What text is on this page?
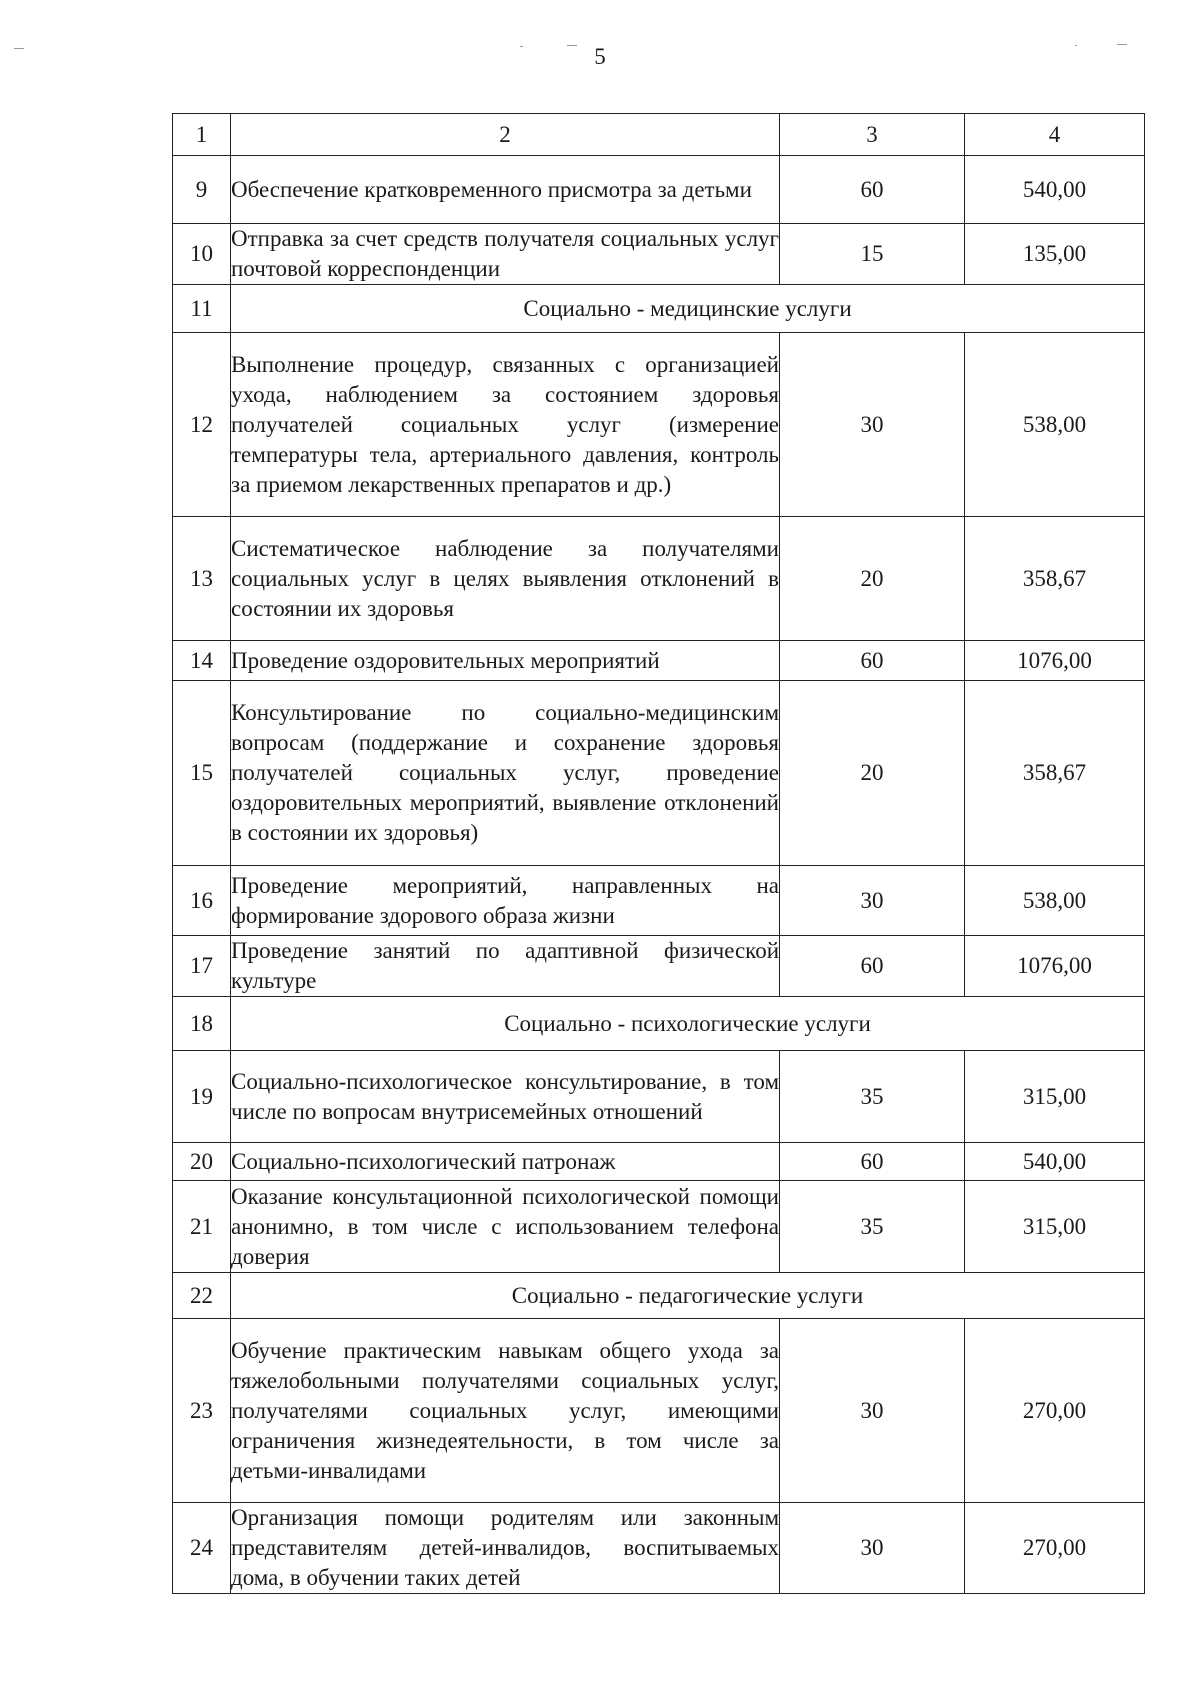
5
1	2	3	4
9	Обеспечение кратковременного присмотра за детьми	60	540,00
10	Отправка за счет средств получателя социальных услуг почтовой корреспонденции	15	135,00
11	Социально - медицинские услуги		
12	Выполнение процедур, связанных с организацией ухода, наблюдением за состоянием здоровья получателей социальных услуг (измерение температуры тела, артериального давления, контроль за приемом лекарственных препаратов и др.)	30	538,00
13	Систематическое наблюдение за получателями социальных услуг в целях выявления отклонений в состоянии их здоровья	20	358,67
14	Проведение оздоровительных мероприятий	60	1076,00
15	Консультирование по социально-медицинским вопросам (поддержание и сохранение здоровья получателей социальных услуг, проведение оздоровительных мероприятий, выявление отклонений в состоянии их здоровья)	20	358,67
16	Проведение мероприятий, направленных на формирование здорового образа жизни	30	538,00
17	Проведение занятий по адаптивной физической культуре	60	1076,00
18	Социально - психологические услуги		
19	Социально-психологическое консультирование, в том числе по вопросам внутрисемейных отношений	35	315,00
20	Социально-психологический патронаж	60	540,00
21	Оказание консультационной психологической помощи анонимно, в том числе с использованием телефона доверия	35	315,00
22	Социально - педагогические услуги		
23	Обучение практическим навыкам общего ухода за тяжелобольными получателями социальных услуг, получателями социальных услуг, имеющими ограничения жизнедеятельности, в том числе за детьми-инвалидами	30	270,00
24	Организация помощи родителям или законным представителям детей-инвалидов, воспитываемых дома, в обучении таких детей	30	270,00
